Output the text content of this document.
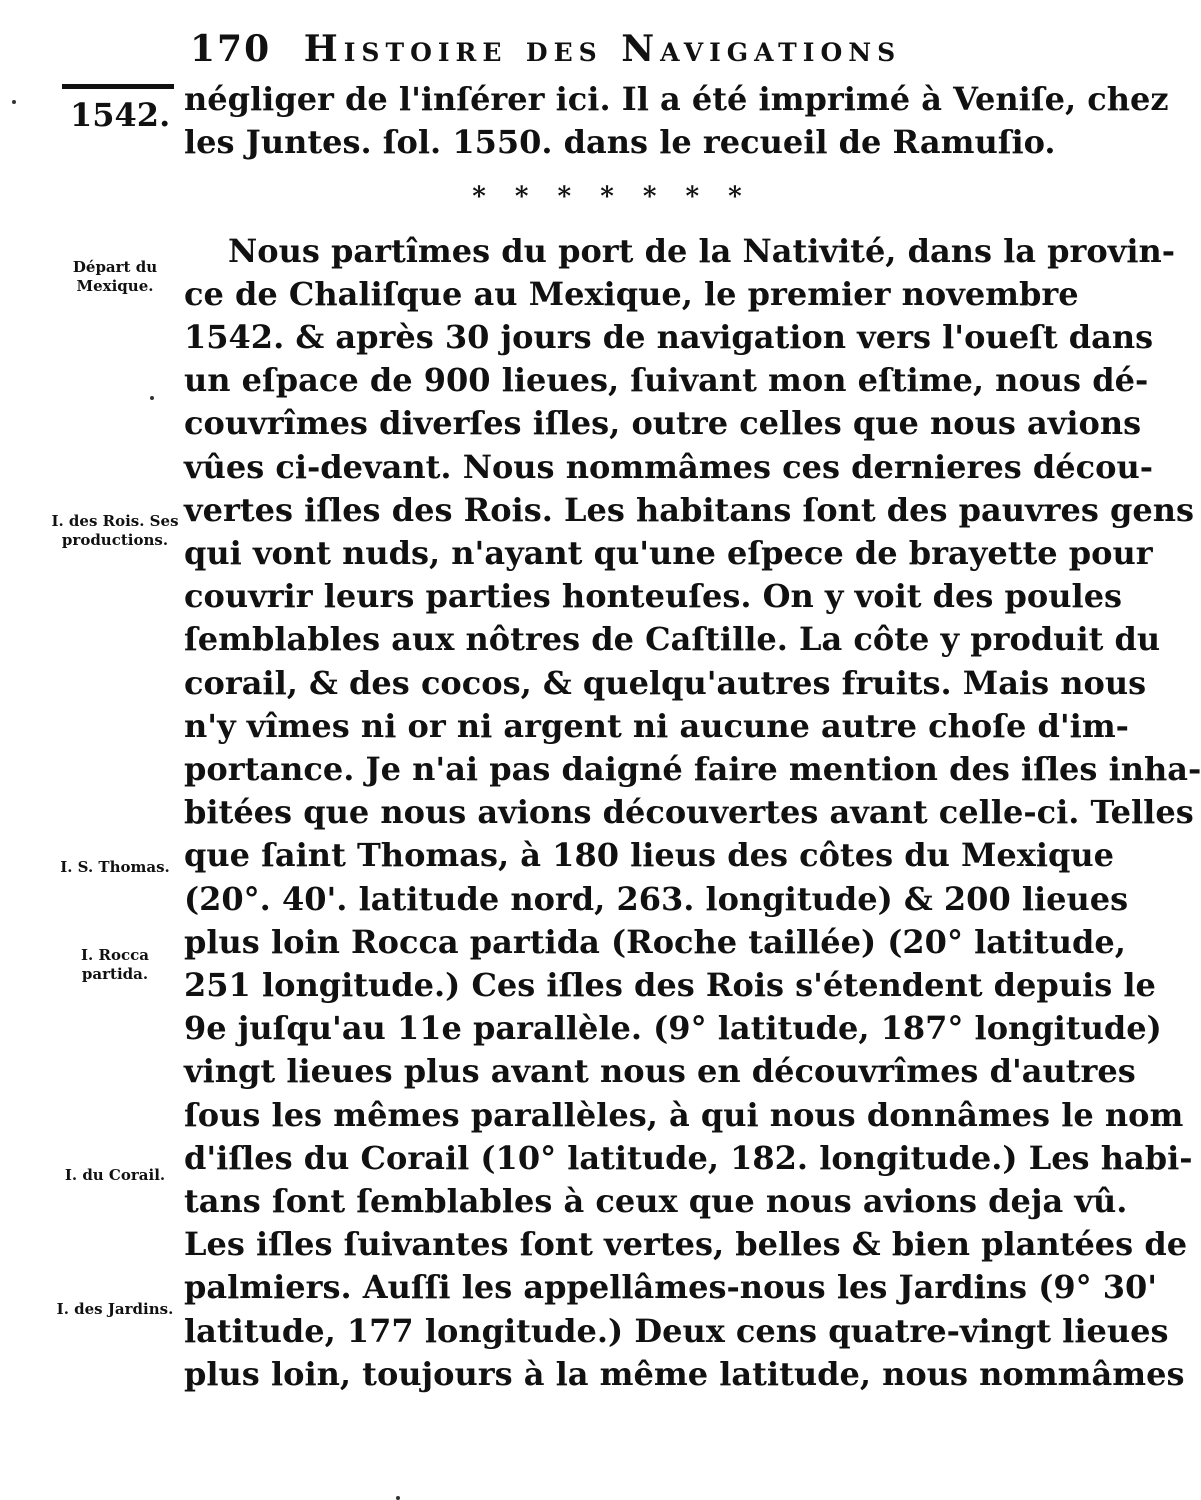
170 Histoire des Navigations
1542. négliger de l'inſérer ici. Il a été imprimé à Veniſe, chez
les Juntes. ſol. 1550. dans le recueil de Ramuſio.
* * * * * * *
Nous partîmes du port de la Nativité, dans la provin-
ce de Chaliſque au Mexique, le premier novembre
1542. & après 30 jours de navigation vers l'oueſt dans
un eſpace de 900 lieues, ſuivant mon eſtime, nous dé-
couvrîmes diverſes iſles, outre celles que nous avions
vûes ci-devant. Nous nommâmes ces dernieres décou-
vertes iſles des Rois. Les habitans ſont des pauvres gens
qui vont nuds, n'ayant qu'une eſpece de brayette pour
couvrir leurs parties honteuſes. On y voit des poules
ſemblables aux nôtres de Caſtille. La côte y produit du
corail, & des cocos, & quelqu'autres fruits. Mais nous
n'y vîmes ni or ni argent ni aucune autre choſe d'im-
portance. Je n'ai pas daigné faire mention des iſles inha-
bitées que nous avions découvertes avant celle-ci. Telles
que ſaint Thomas, à 180 lieus des côtes du Mexique
(20°. 40'. latitude nord, 263. longitude) & 200 lieues
plus loin Rocca partida (Roche taillée) (20° latitude,
251 longitude.) Ces iſles des Rois s'étendent depuis le
9e juſqu'au 11e parallèle. (9° latitude, 187° longitude)
vingt lieues plus avant nous en découvrîmes d'autres
ſous les mêmes parallèles, à qui nous donnâmes le nom
d'iſles du Corail (10° latitude, 182. longitude.) Les habi-
tans ſont ſemblables à ceux que nous avions deja vû.
Les iſles ſuivantes ſont vertes, belles & bien plantées de
palmiers. Auſſi les appellâmes-nous les Jardins (9° 30'
latitude, 177 longitude.) Deux cens quatre-vingt lieues
plus loin, toujours à la même latitude, nous nommâmes
Départ du Mexique.
I. des Rois. Ses productions.
I. S. Thomas.
I. Rocca partida.
I. du Corail.
I. des Jardins.
